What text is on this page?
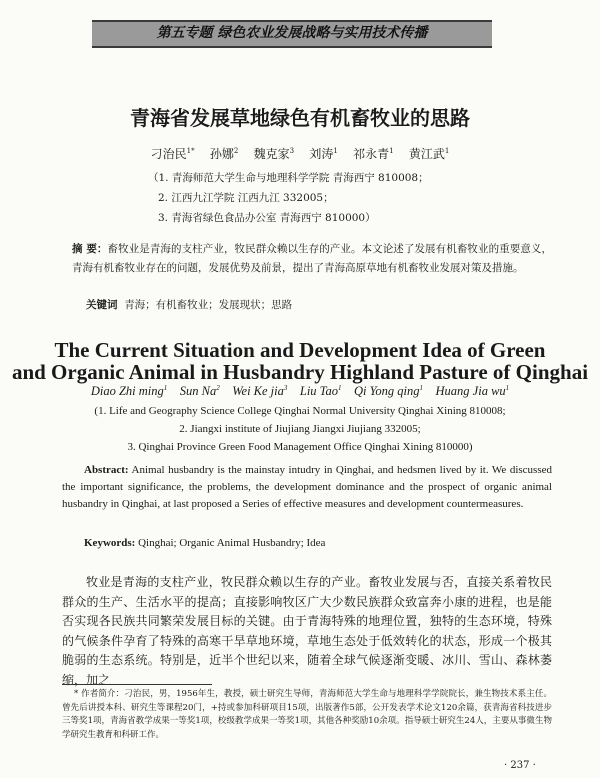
第五专题 绿色农业发展战略与实用技术传播
青海省发展草地绿色有机畜牧业的思路
刁治民$^{1*}$ 孙娜$^2$ 魏克家$^3$ 刘涛$^1$ 祁永青$^1$ 黄江武$^1$
（1. 青海师范大学生命与地理科学学院 青海西宁 810008；
2. 江西九江学院 江西九江 332005；
3. 青海省绿色食品办公室 青海西宁 810000）
摘 要：畜牧业是青海的支柱产业，牧民群众赖以生存的产业。本文论述了发展有机畜牧业的重要意义，青海有机畜牧业存在的问题，发展优势及前景，提出了青海高原草地有机畜牧业发展对策及措施。
关键词 青海；有机畜牧业；发展现状；思路
The Current Situation and Development Idea of Green
and Organic Animal in Husbandry Highland Pasture of Qinghai
Diao Zhi ming$^1$ Sun Na$^2$ Wei Ke jia$^3$ Liu Tao$^1$ Qi Yong qing$^1$ Huang Jia $wu^1$
(1. Life and Geography Science College Qinghai Normal University Qinghai Xining 810008;
2. Jiangxi institute of Jiujiang Jiangxi Jiujiang 332005;
3. Qinghai Province Green Food Management Office Qinghai Xining 810000)
Abstract: Animal husbandry is the mainstay intudry in Qinghai, and hedsmen lived by it. We discussed the important significance, the problems, the development dominance and the prospect of organic animal husbandry in Qinghai, at last proposed a Series of effective measures and development countermeasures.
Keywords: Qinghai; Organic Animal Husbandry; Idea
牧业是青海的支柱产业，牧民群众赖以生存的产业。畜牧业发展与否，直接关系着牧民群众的生产、生活水平的提高；直接影响牧区广大少数民族群众致富奔小康的进程，也是能否实现各民族共同繁荣发展目标的关键。由于青海特殊的地理位置，独特的生态环境，特殊的气候条件孕育了特殊的高寒干旱草地环境，草地生态处于低效转化的状态，形成一个极其脆弱的生态系统。特别是，近半个世纪以来，随着全球气候逐渐变暖、冰川、雪山、森林萎缩，加之
* 作者简介：刁治民，男，1956年生，教授，硕士研究生导师，青海师范大学生命与地理科学学院院长，兼生物技术系主任。曾先后讲授本科、研究生等课程20门，+持或参加科研项目15项，出版著作5部，公开发表学术论文120余篇，获青海省科技进步三等奖1项，青海省教学成果一等奖1项，校级教学成果一等奖1项，其他各种奖励10余项。指导硕士研究生24人，主要从事微生物学研究生教育和科研工作。
· 237 ·
